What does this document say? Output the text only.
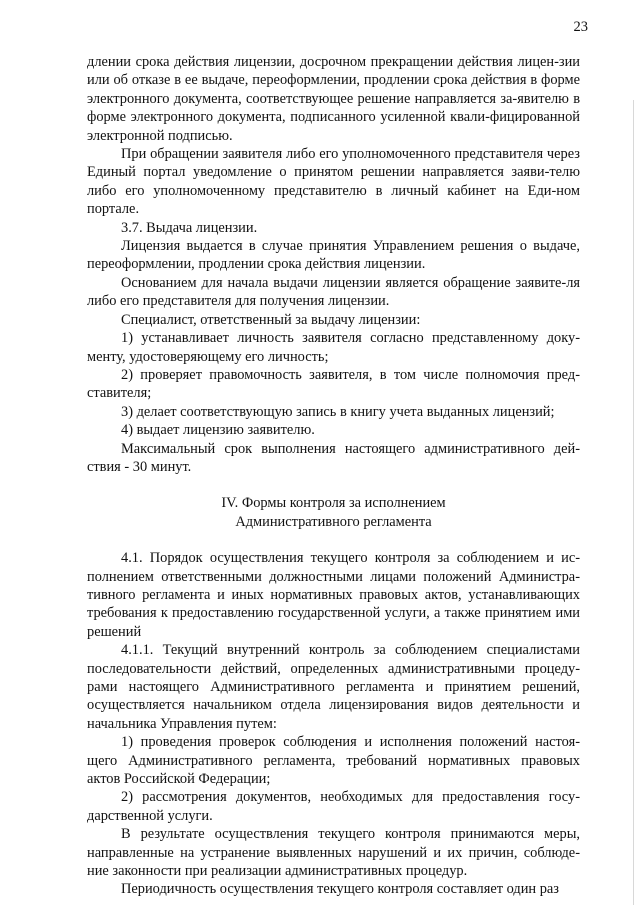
23

длении срока действия лицензии, досрочном прекращении действия лицен-зии или об отказе в ее выдаче, переоформлении, продлении срока действия в форме электронного документа, соответствующее решение направляется за-явителю в форме электронного документа, подписанного усиленной квали-фицированной электронной подписью.

При обращении заявителя либо его уполномоченного представителя через Единый портал уведомление о принятом решении направляется заяви-телю либо его уполномоченному представителю в личный кабинет на Еди-ном портале.

3.7. Выдача лицензии.

Лицензия выдается в случае принятия Управлением решения о выдаче, переоформлении, продлении срока действия лицензии.

Основанием для начала выдачи лицензии является обращение заявите-ля либо его представителя для получения лицензии.

Специалист, ответственный за выдачу лицензии:

1) устанавливает личность заявителя согласно представленному доку-менту, удостоверяющему его личность;

2) проверяет правомочность заявителя, в том числе полномочия пред-ставителя;

3) делает соответствующую запись в книгу учета выданных лицензий;

4) выдает лицензию заявителю.

Максимальный срок выполнения настоящего административного дей-ствия - 30 минут.

IV. Формы контроля за исполнением
Административного регламента

4.1. Порядок осуществления текущего контроля за соблюдением и ис-полнением ответственными должностными лицами положений Администра-тивного регламента и иных нормативных правовых актов, устанавливающих требования к предоставлению государственной услуги, а также принятием ими решений

4.1.1. Текущий внутренний контроль за соблюдением специалистами последовательности действий, определенных административными процеду-рами настоящего Административного регламента и принятием решений, осуществляется начальником отдела лицензирования видов деятельности и начальника Управления путем:

1) проведения проверок соблюдения и исполнения положений настоя-щего Административного регламента, требований нормативных правовых актов Российской Федерации;

2) рассмотрения документов, необходимых для предоставления госу-дарственной услуги.

В результате осуществления текущего контроля принимаются меры, направленные на устранение выявленных нарушений и их причин, соблюде-ние законности при реализации административных процедур.

Периодичность осуществления текущего контроля составляет один раз
